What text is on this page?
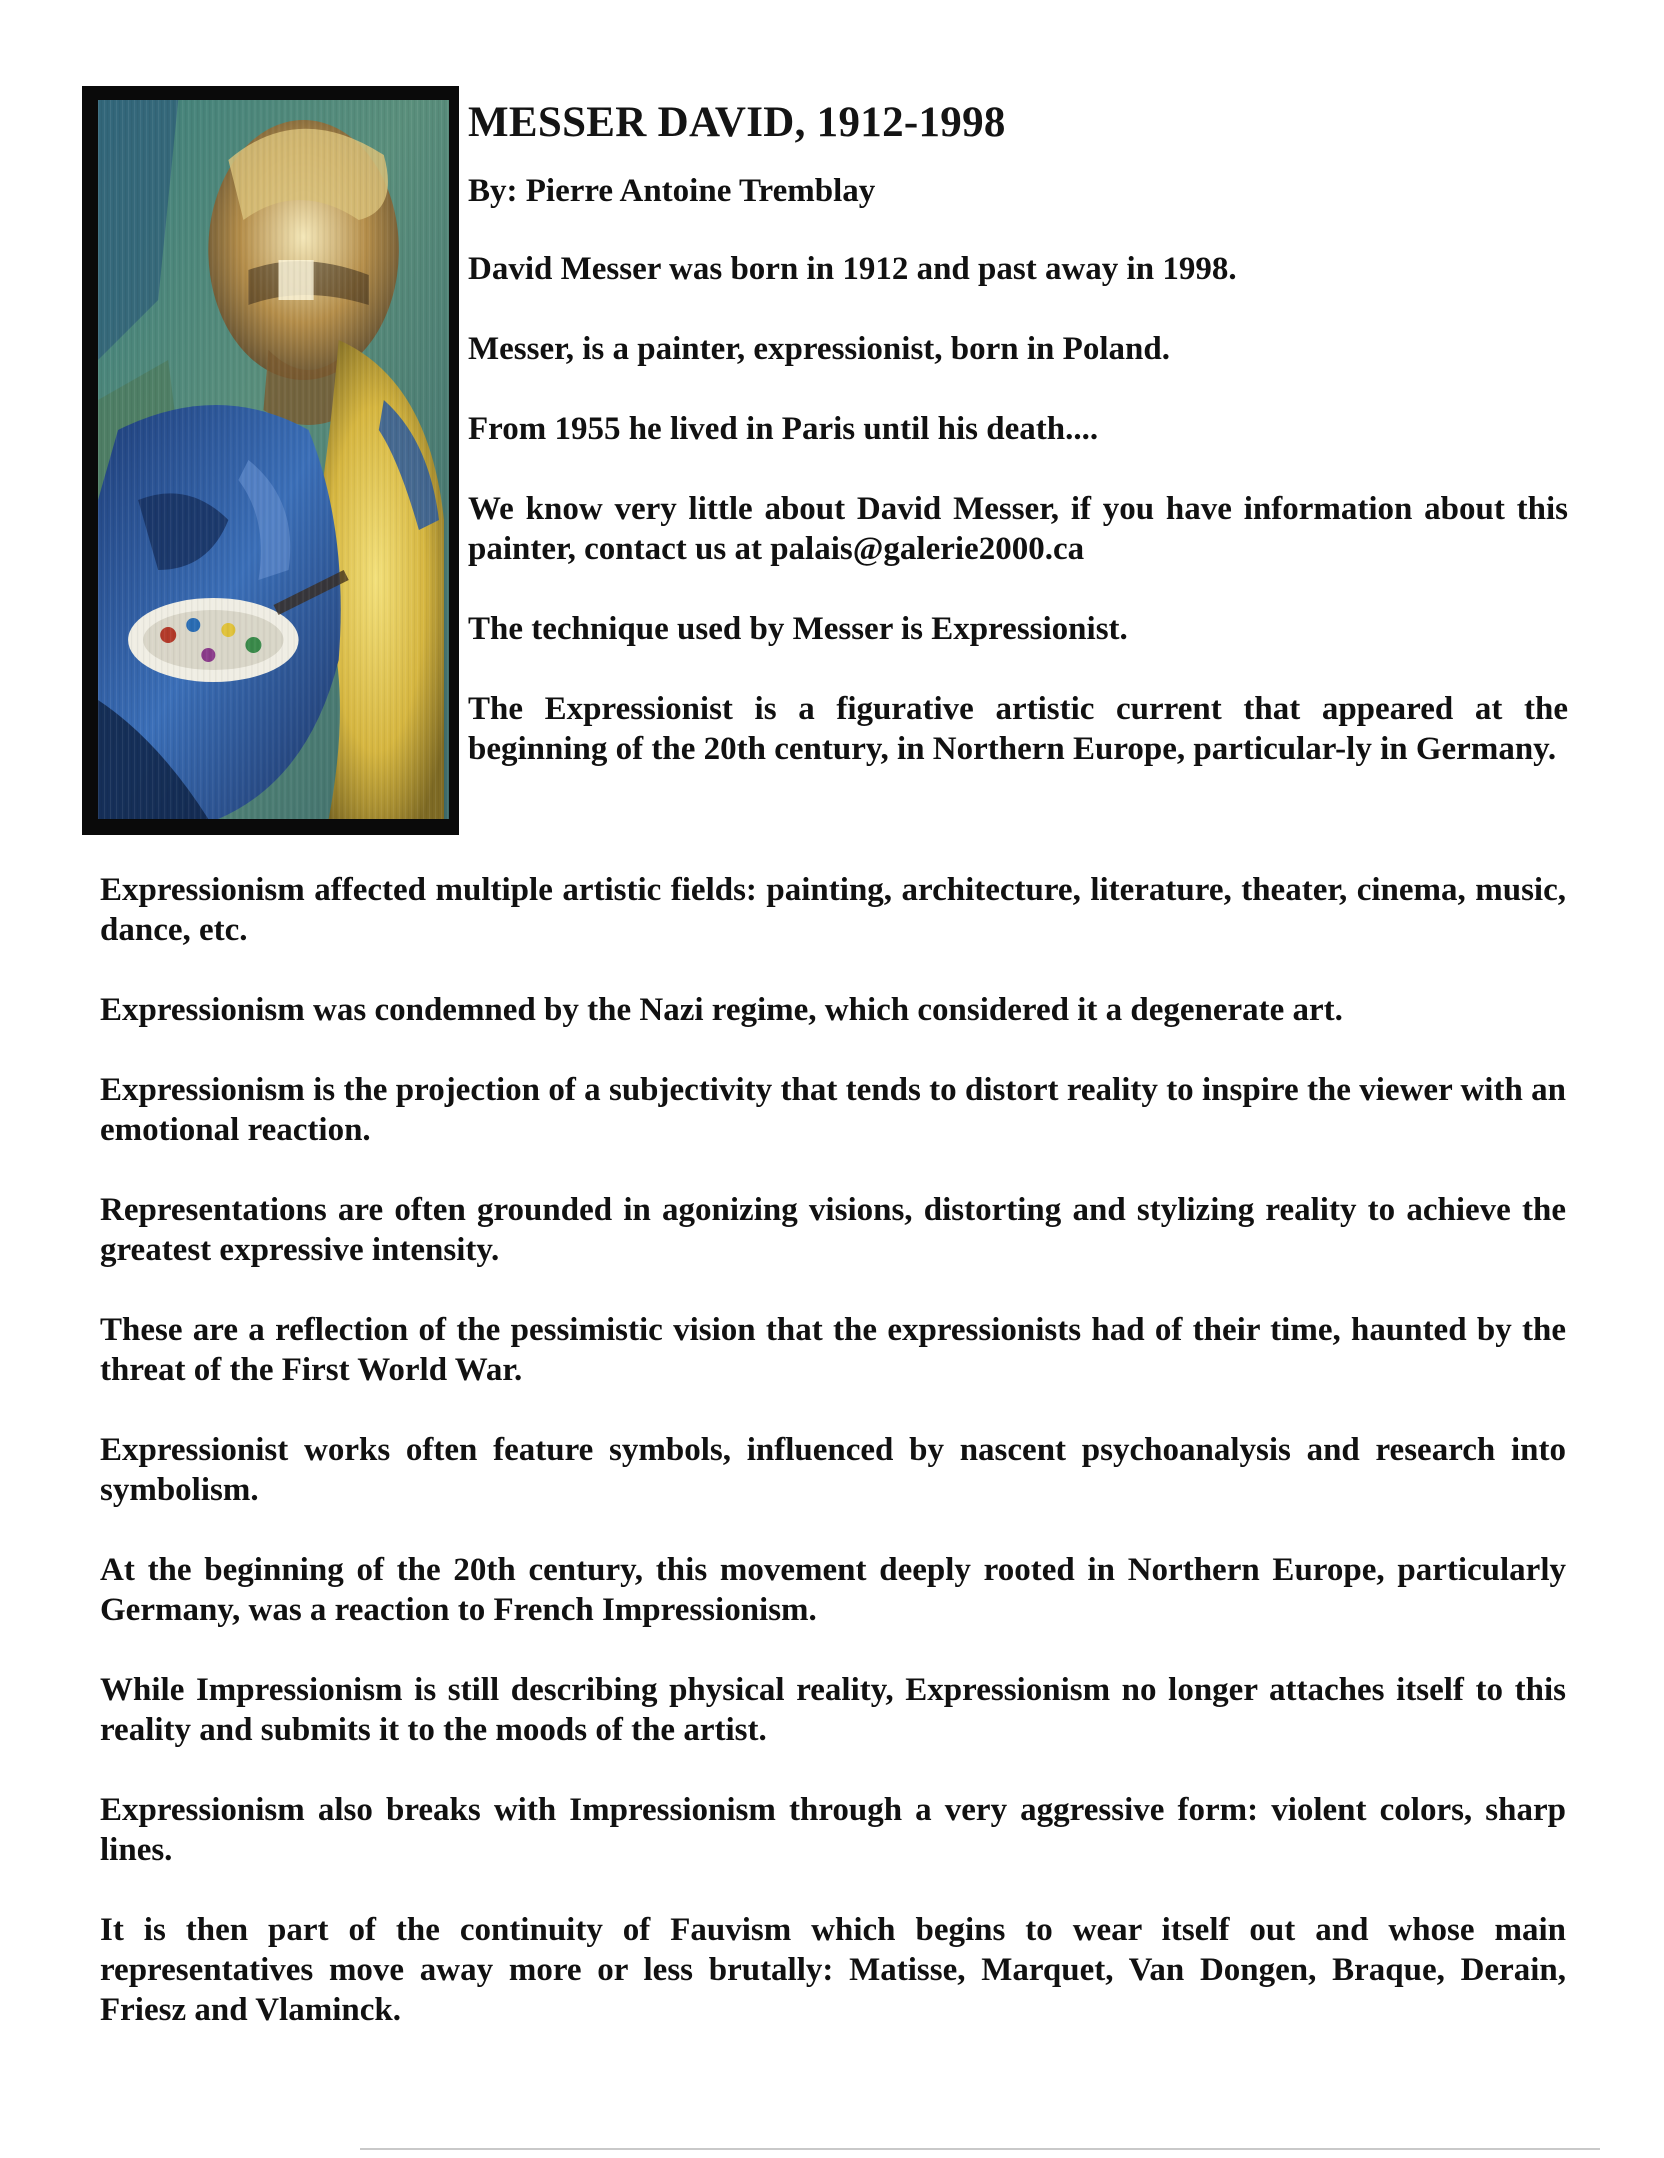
MESSER DAVID, 1912-1998

By: Pierre Antoine Tremblay

David Messer was born in 1912 and past away in 1998.

Messer, is a painter, expressionist, born in Poland.

From 1955 he lived in Paris until his death....

We know very little about David Messer, if you have information about this painter, contact us at palais@galerie2000.ca

The technique used by Messer is Expressionist.

The Expressionist is a figurative artistic current that appeared at the beginning of the 20th century, in Northern Europe, particular-ly in Germany.

Expressionism affected multiple artistic fields: painting, architecture, literature, theater, cinema, music, dance, etc.

Expressionism was condemned by the Nazi regime, which considered it a degenerate art.

Expressionism is the projection of a subjectivity that tends to distort reality to inspire the viewer with an emotional reaction.

Representations are often grounded in agonizing visions, distorting and stylizing reality to achieve the greatest expressive intensity.

These are a reflection of the pessimistic vision that the expressionists had of their time, haunted by the threat of the First World War.

Expressionist works often feature symbols, influenced by nascent psychoanalysis and research into symbolism.

At the beginning of the 20th century, this movement deeply rooted in Northern Europe, particularly Germany, was a reaction to French Impressionism.

While Impressionism is still describing physical reality, Expressionism no longer attaches itself to this reality and submits it to the moods of the artist.

Expressionism also breaks with Impressionism through a very aggressive form: violent colors, sharp lines.

It is then part of the continuity of Fauvism which begins to wear itself out and whose main representatives move away more or less brutally: Matisse, Marquet, Van Dongen, Braque, Derain, Friesz and Vlaminck.
